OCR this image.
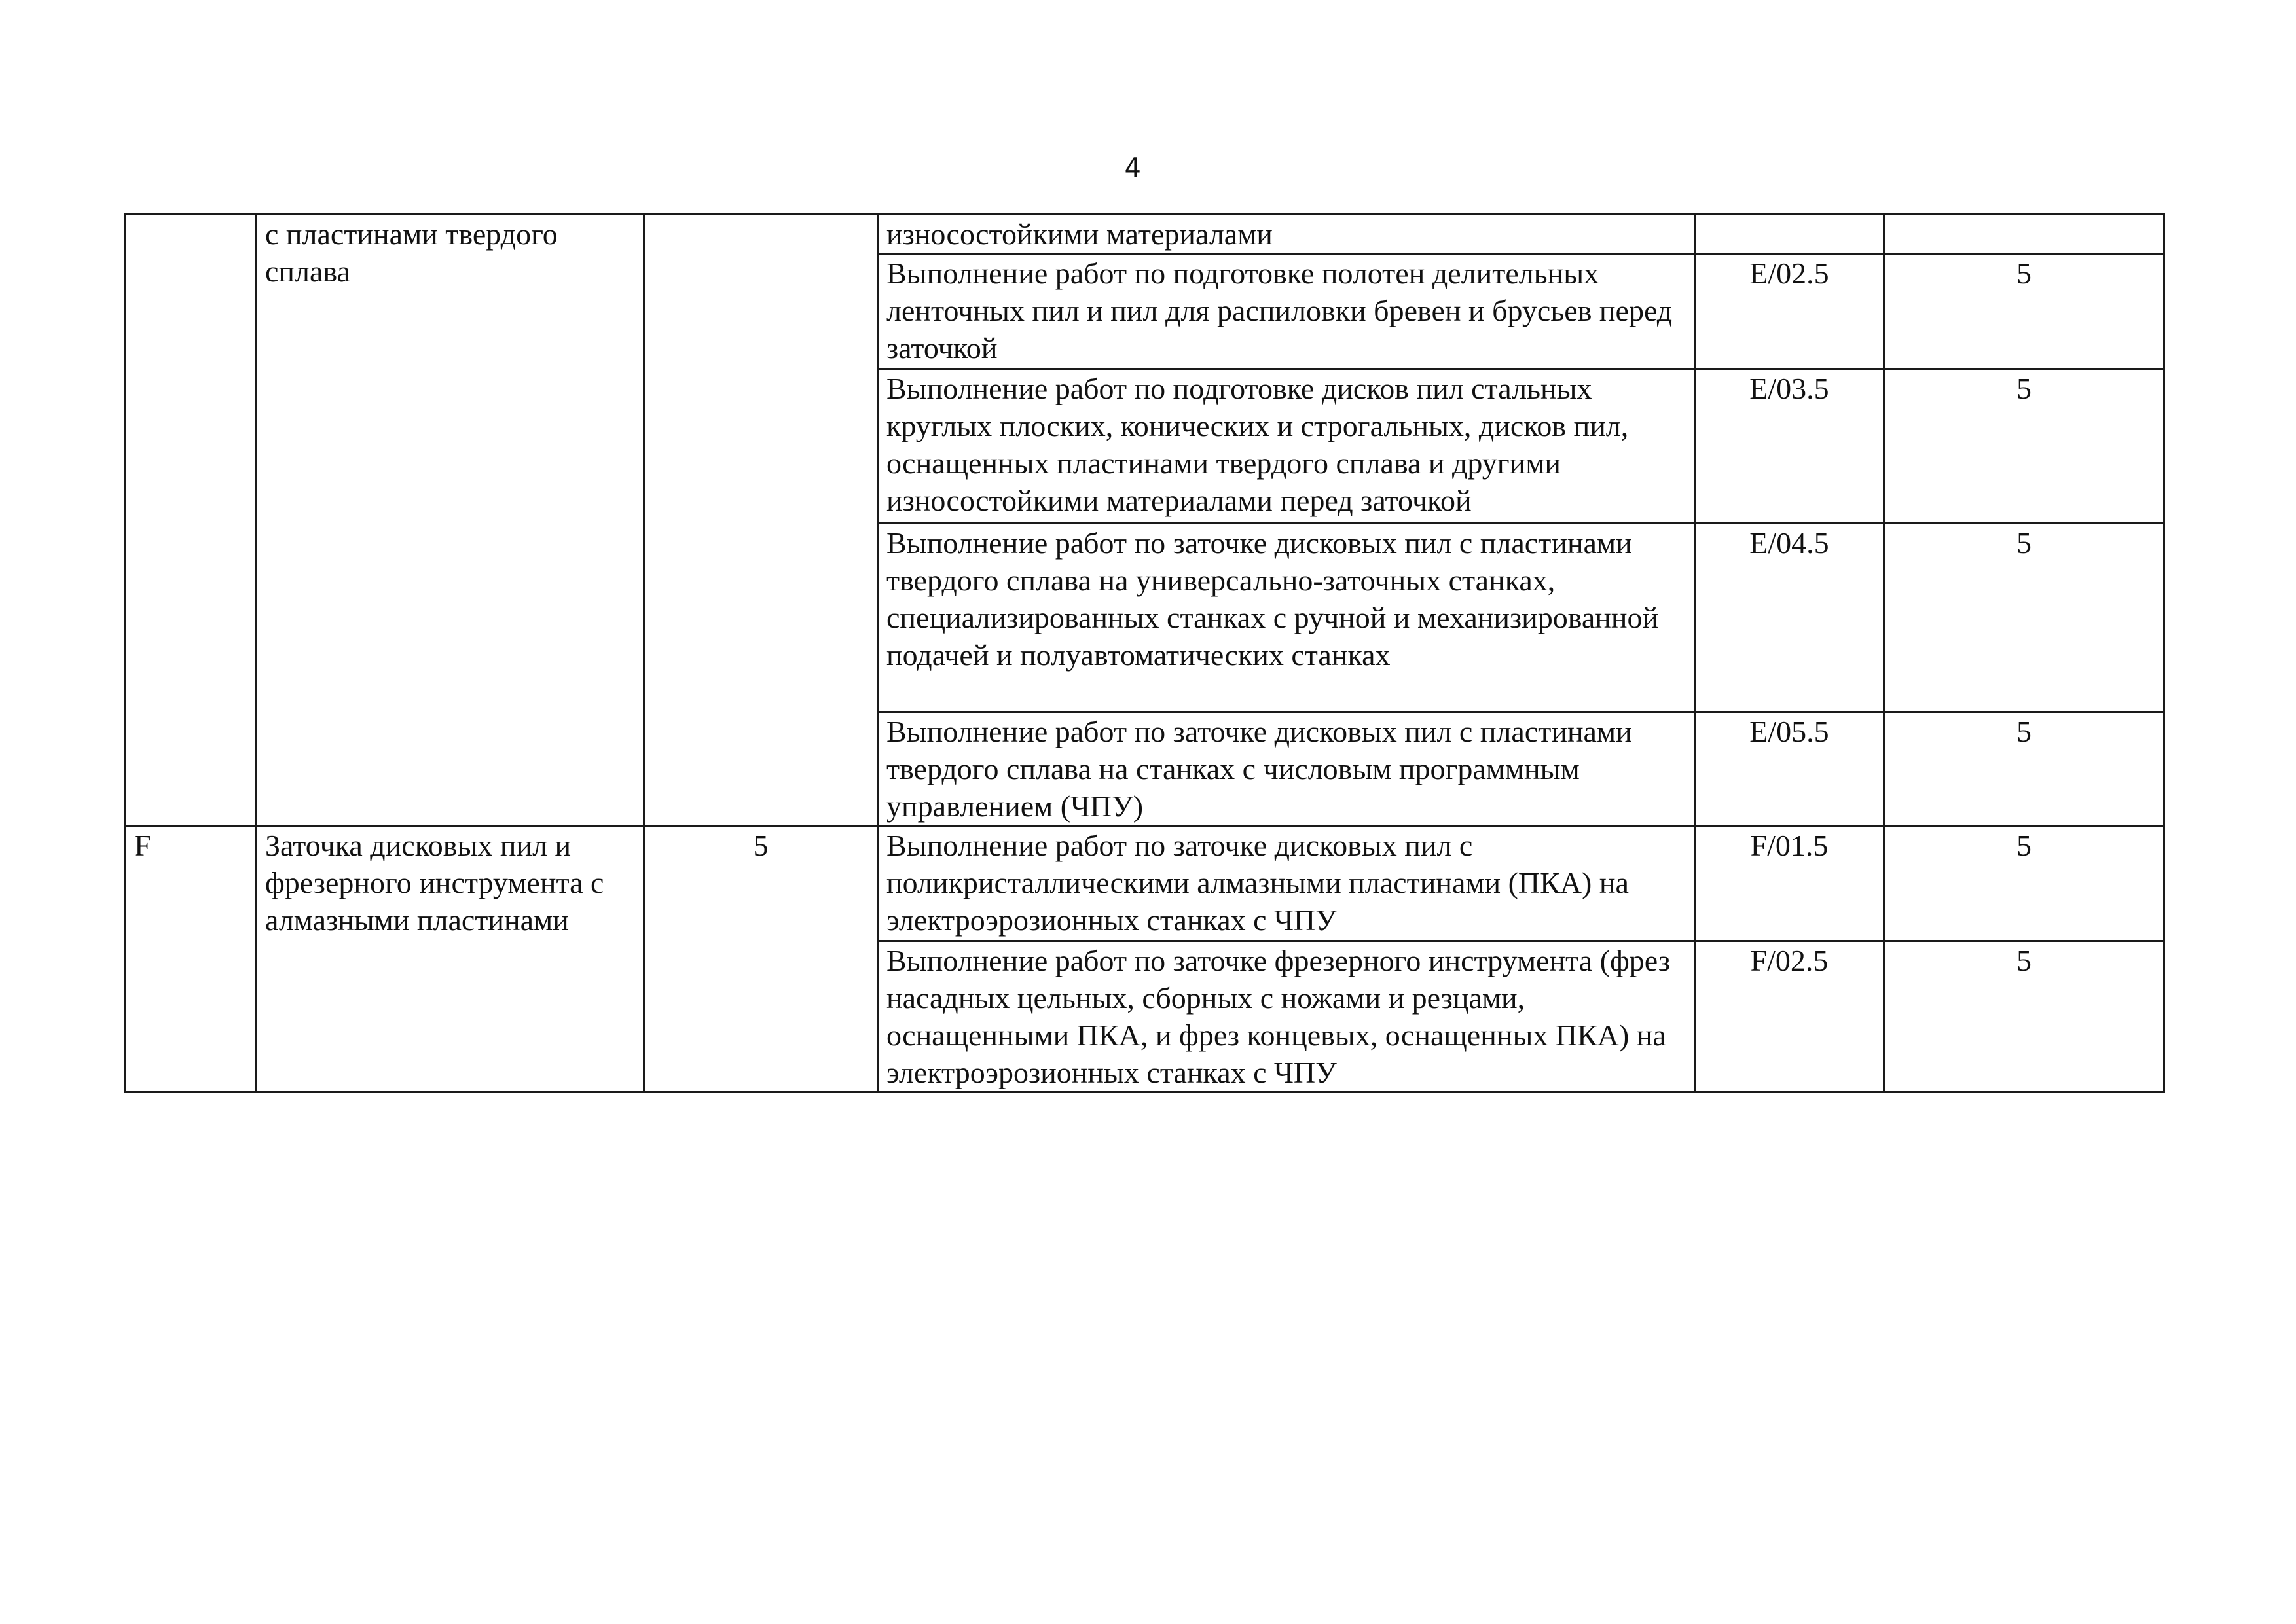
4

	с пластинами твердого сплава		износостойкими материалами		

			Выполнение работ по подготовке полотен делительных ленточных пил и пил для распиловки бревен и брусьев перед заточкой	E/02.5	5

			Выполнение работ по подготовке дисков пил стальных круглых плоских, конических и строгальных, дисков пил, оснащенных пластинами твердого сплава и другими износостойкими материалами перед заточкой	E/03.5	5

			Выполнение работ по заточке дисковых пил с пластинами твердого сплава на универсально-заточных станках, специализированных станках с ручной и механизированной подачей и полуавтоматических станках	E/04.5	5

			Выполнение работ по заточке дисковых пил с пластинами твердого сплава на станках с числовым программным управлением (ЧПУ)	E/05.5	5

F	Заточка дисковых пил и фрезерного инструмента с алмазными пластинами	5	Выполнение работ по заточке дисковых пил с поликристаллическими алмазными пластинами (ПКА) на электроэрозионных станках с ЧПУ	F/01.5	5

			Выполнение работ по заточке фрезерного инструмента (фрез насадных цельных, сборных с ножами и резцами, оснащенными ПКА, и фрез концевых, оснащенных ПКА) на электроэрозионных станках с ЧПУ	F/02.5	5
